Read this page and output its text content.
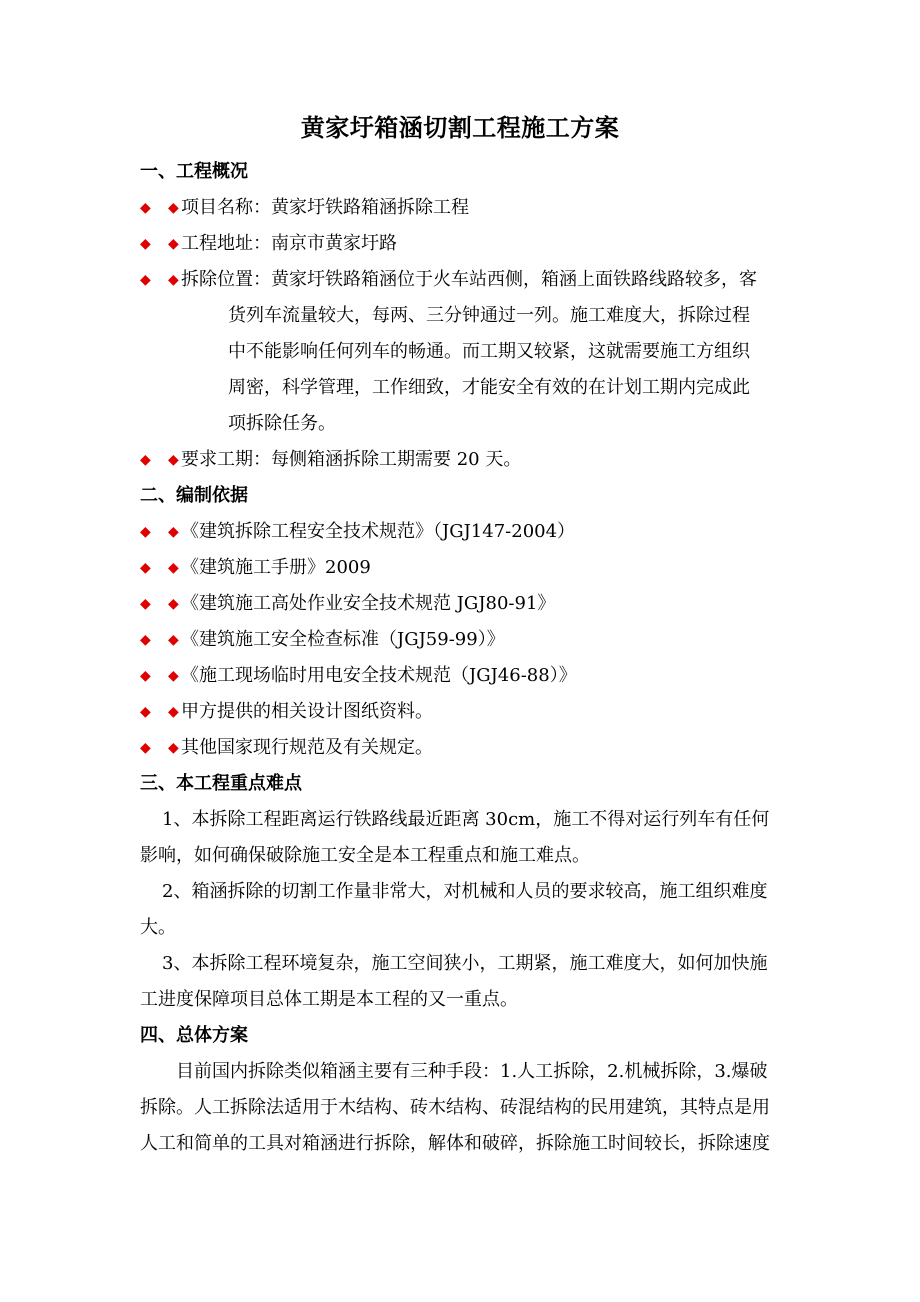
黄家圩箱涵切割工程施工方案
一、工程概况
◆ ◆ 项目名称：黄家圩铁路箱涵拆除工程
◆ ◆ 工程地址：南京市黄家圩路
◆ ◆ 拆除位置：黄家圩铁路箱涵位于火车站西侧，箱涵上面铁路线路较多，客
货列车流量较大，每两、三分钟通过一列。施工难度大，拆除过程
中不能影响任何列车的畅通。而工期又较紧，这就需要施工方组织
周密，科学管理，工作细致，才能安全有效的在计划工期内完成此
项拆除任务。
◆ ◆ 要求工期：每侧箱涵拆除工期需要 20 天。
二、编制依据
◆ ◆ 《建筑拆除工程安全技术规范》（JGJ147-2004）
◆ ◆ 《建筑施工手册》2009
◆ ◆ 《建筑施工高处作业安全技术规范 JGJ80-91》
◆ ◆ 《建筑施工安全检查标准（JGJ59-99）》
◆ ◆ 《施工现场临时用电安全技术规范（JGJ46-88）》
◆ ◆ 甲方提供的相关设计图纸资料。
◆ ◆ 其他国家现行规范及有关规定。
三、本工程重点难点
1、本拆除工程距离运行铁路线最近距离 30cm，施工不得对运行列车有任何
影响，如何确保破除施工安全是本工程重点和施工难点。
2、箱涵拆除的切割工作量非常大，对机械和人员的要求较高，施工组织难度
大。
3、本拆除工程环境复杂，施工空间狭小，工期紧，施工难度大，如何加快施
工进度保障项目总体工期是本工程的又一重点。
四、总体方案
目前国内拆除类似箱涵主要有三种手段：1.人工拆除，2.机械拆除，3.爆破
拆除。人工拆除法适用于木结构、砖木结构、砖混结构的民用建筑，其特点是用
人工和简单的工具对箱涵进行拆除，解体和破碎，拆除施工时间较长，拆除速度
